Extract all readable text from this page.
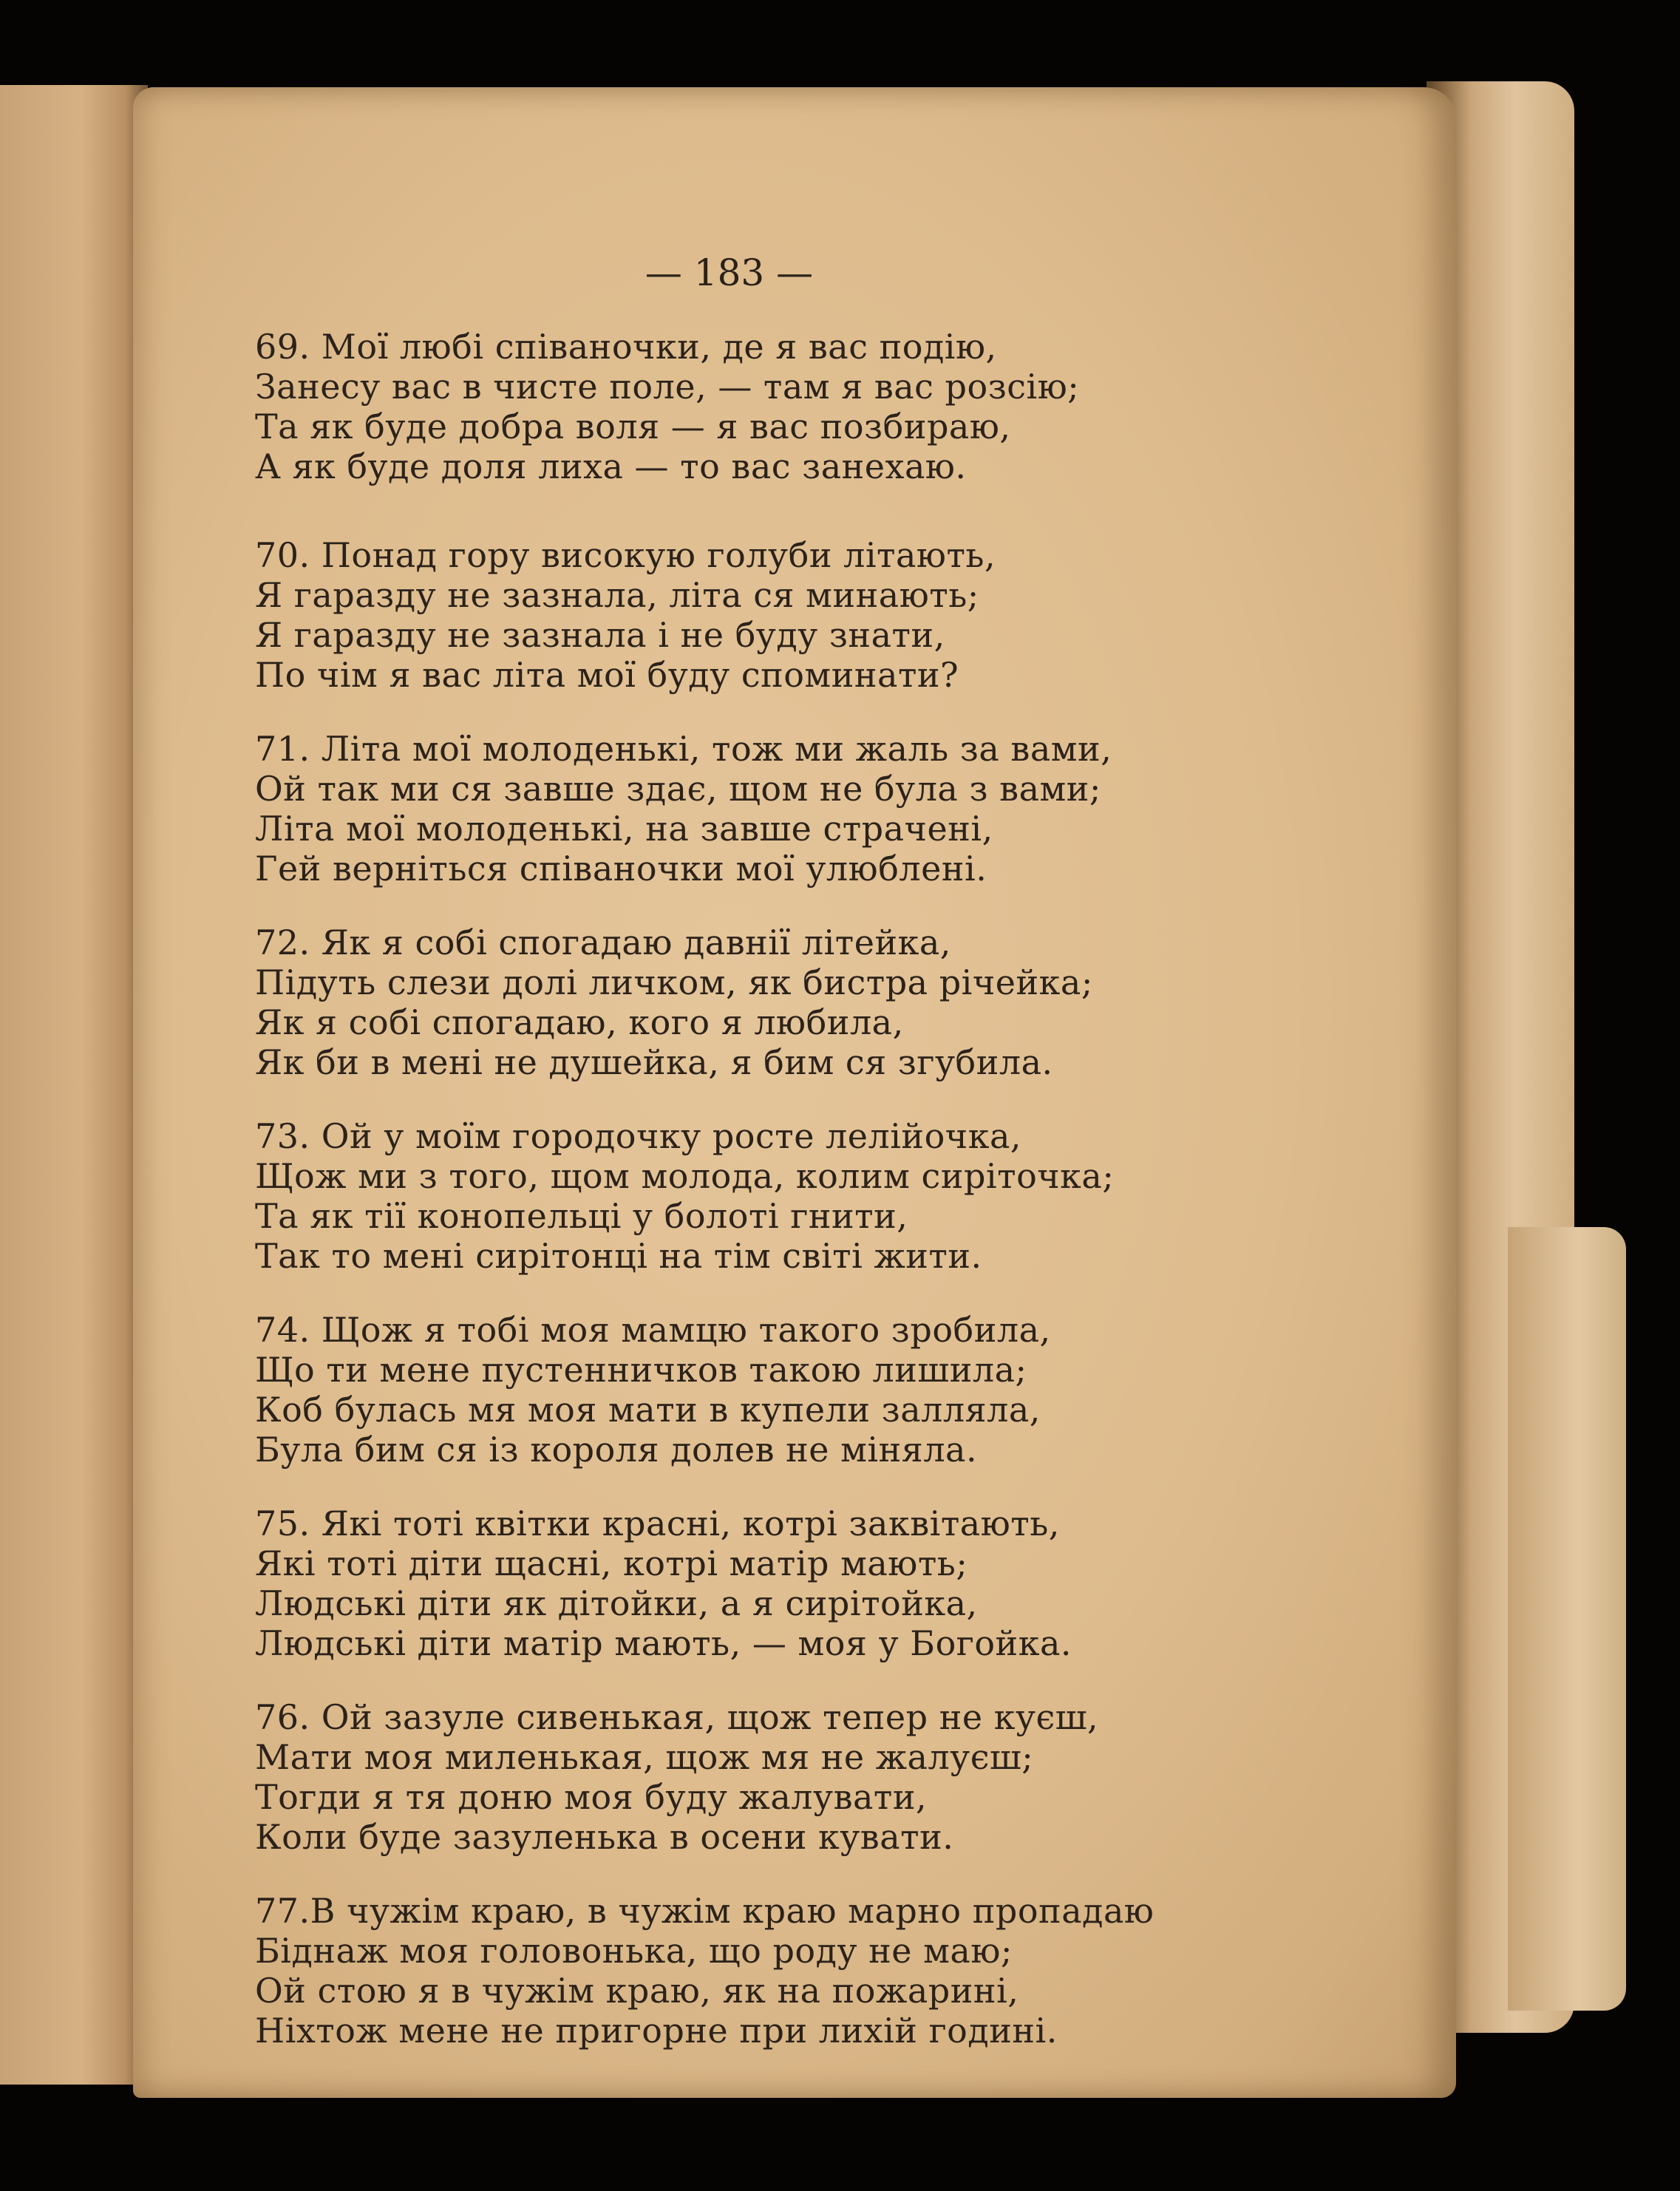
— 183 —
69. Мої любі співаночки, де я вас подію,
Занесу вас в чисте поле, — там я вас розсію;
Та як буде добра воля — я вас позбираю,
А як буде доля лиха — то вас занехаю.
70. Понад гору високую голуби літають,
Я гаразду не зазнала, літа ся минають;
Я гаразду не зазнала і не буду знати,
По чім я вас літа мої буду споминати?
71. Літа мої молоденькі, тож ми жаль за вами,
Ой так ми ся завше здає, щом не була з вами;
Літа мої молоденькі, на завше страчені,
Гей верніться співаночки мої улюблені.
72. Як я собі спогадаю давнії літейка,
Підуть слези долі личком, як бистра річейка;
Як я собі спогадаю, кого я любила,
Як би в мені не душейка, я бим ся згубила.
73. Ой у моїм городочку росте лелійочка,
Щож ми з того, щом молода, колим сиріточка;
Та як тії конопельці у болоті гнити,
Так то мені сирітонці на тім світі жити.
74. Щож я тобі моя мамцю такого зробила,
Що ти мене пустенничков такою лишила;
Коб булась мя моя мати в купели залляла,
Була бим ся із короля долев не міняла.
75. Які тоті квітки красні, котрі заквітають,
Які тоті діти щасні, котрі матір мають;
Людські діти як дітойки, а я сирітойка,
Людські діти матір мають, — моя у Богойка.
76. Ой зазуле сивенькая, щож тепер не куєш,
Мати моя миленькая, щож мя не жалуєш;
Тогди я тя доню моя буду жалувати,
Коли буде зазуленька в осени кувати.
77.В чужім краю, в чужім краю марно пропадаю
Біднаж моя головонька, що роду не маю;
Ой стою я в чужім краю, як на пожарині,
Ніхтож мене не пригорне при лихій годині.
